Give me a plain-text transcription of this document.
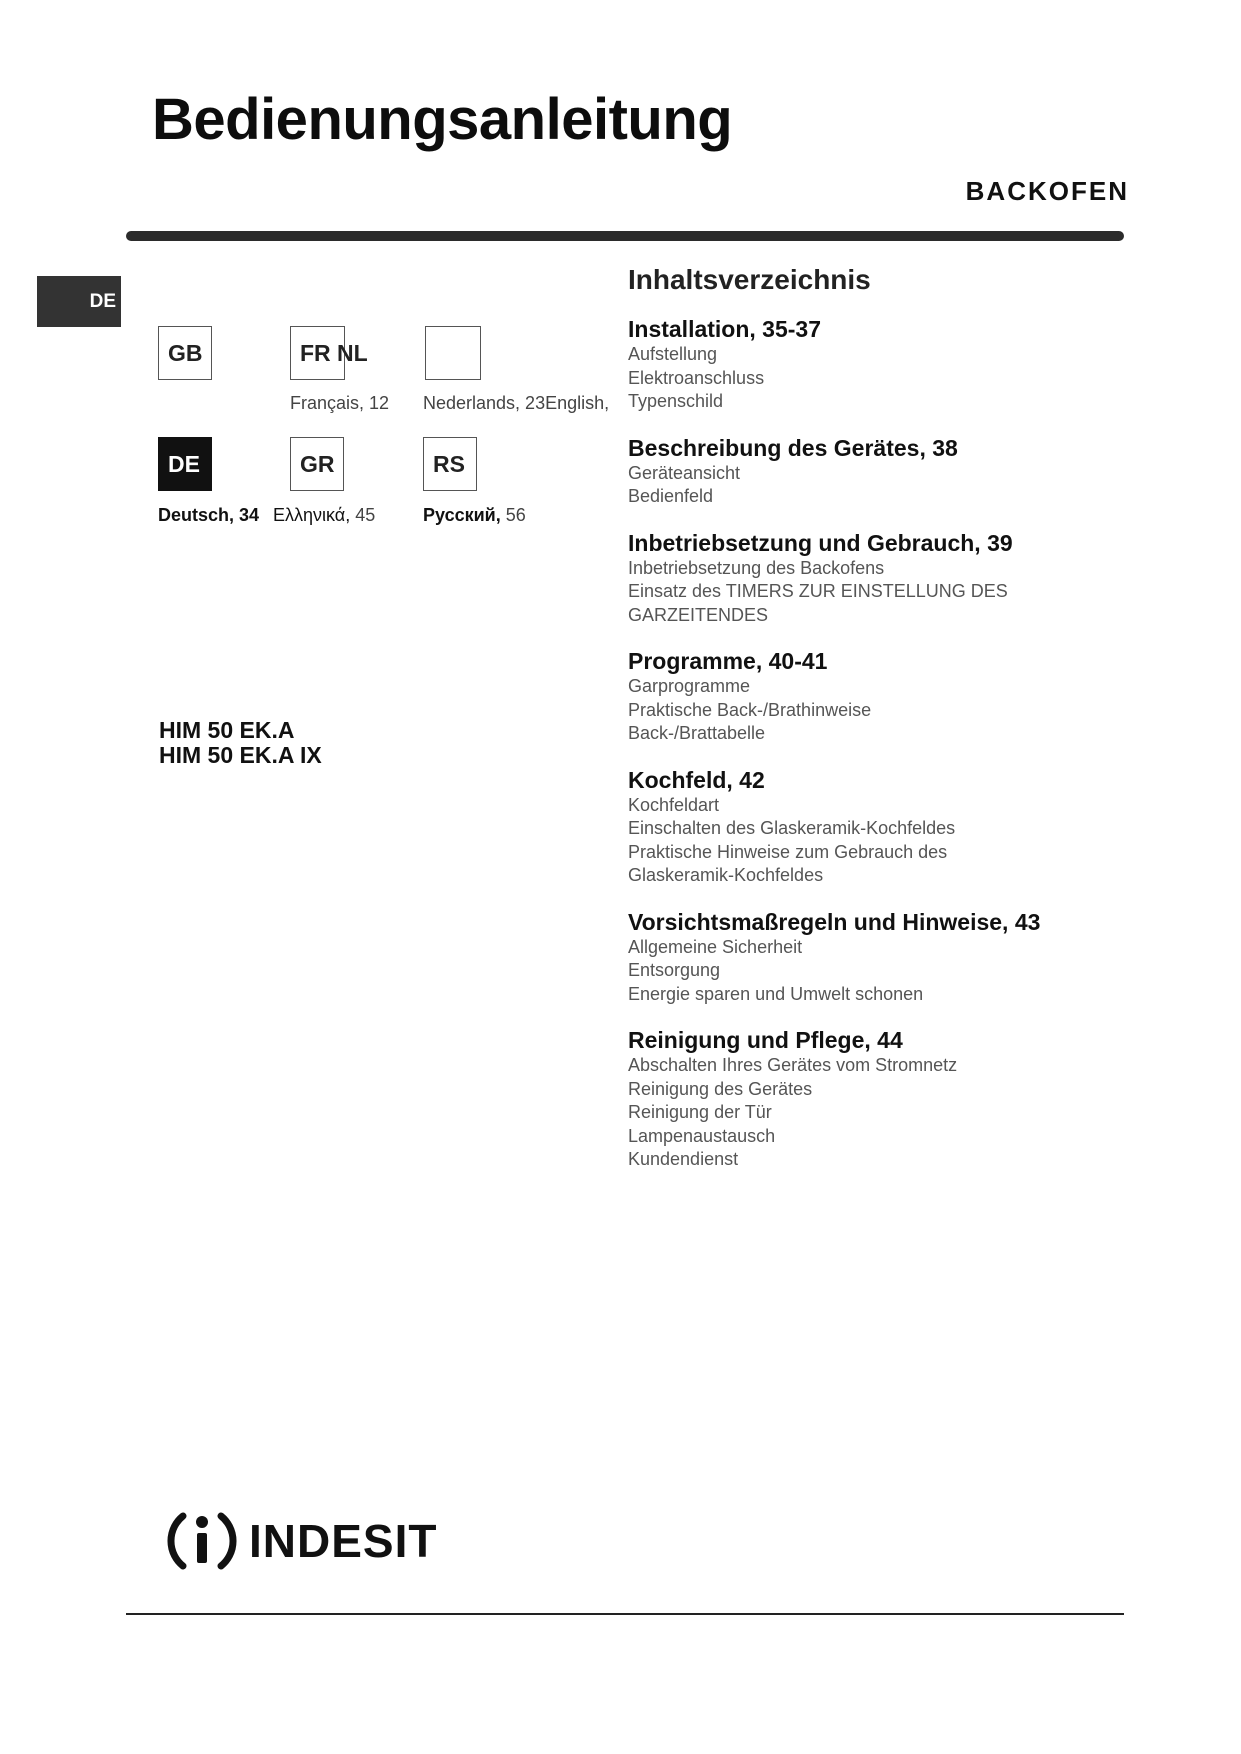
Bedienungsanleitung
BACKOFEN
DE
GB	FR NL
Français, 12 Nederlands, 23English,
DE	GR	RS
Deutsch, 34 Ελληνικά, 45	Русский, 56
HIM 50 EK.A
HIM 50 EK.A IX
Inhaltsverzeichnis
Installation, 35-37
Aufstellung
Elektroanschluss
Typenschild
Beschreibung des Gerätes, 38
Geräteansicht
Bedienfeld
Inbetriebsetzung und Gebrauch, 39
Inbetriebsetzung des Backofens
Einsatz des TIMERS ZUR EINSTELLUNG DES
GARZEITENDES
Programme, 40-41
Garprogramme
Praktische Back-/Brathinweise
Back-/Brattabelle
Kochfeld, 42
Kochfeldart
Einschalten des Glaskeramik-Kochfeldes
Praktische Hinweise zum Gebrauch des
Glaskeramik-Kochfeldes
Vorsichtsmaßregeln und Hinweise, 43
Allgemeine Sicherheit
Entsorgung
Energie sparen und Umwelt schonen
Reinigung und Pflege, 44
Abschalten Ihres Gerätes vom Stromnetz
Reinigung des Gerätes
Reinigung der Tür
Lampenaustausch
Kundendienst
INDESIT
